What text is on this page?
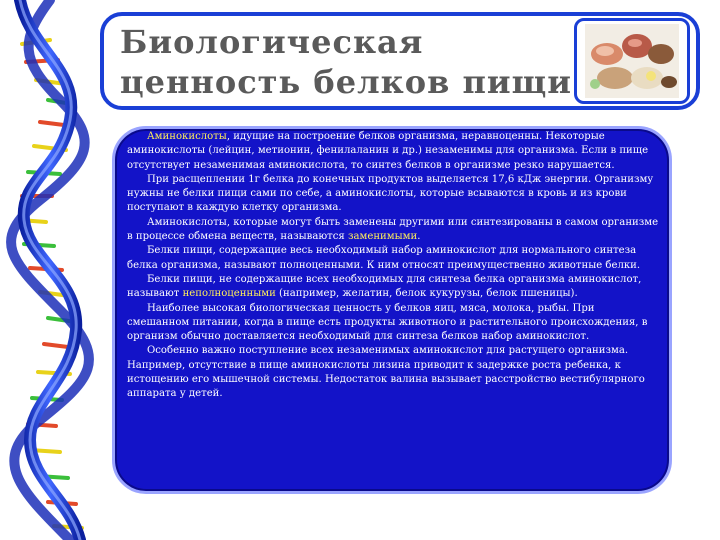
Биологическая
ценность белков пищи

Аминокислоты, идущие на построение белков организма, неравноценны. Некоторые аминокислоты (лейцин, метионин, фенилаланин и др.) незаменимы для организма. Если в пище отсутствует незаменимая аминокислота, то синтез белков в организме резко нарушается.

При расщеплении 1г белка до конечных продуктов выделяется 17,6 кДж энергии. Организму нужны не белки пищи сами по себе, а аминокислоты, которые всываются в кровь и из крови поступают в каждую клетку организма.

Аминокислоты, которые могут быть заменены другими или синтезированы в самом организме в процессе обмена веществ, называются заменимыми.

Белки пищи, содержащие весь необходимый набор аминокислот для нормального синтеза белка организма, называют полноценными. К ним относят преимущественно животные белки.

Белки пищи, не содержащие всех необходимых для синтеза белка организма аминокислот, называют неполноценными (например, желатин, белок кукурузы, белок пшеницы).

Наиболее высокая биологическая ценность у белков яиц, мяса, молока, рыбы. При смешанном питании, когда в пище есть продукты животного и растительного происхождения, в организм обычно доставляется необходимый для синтеза белков набор аминокислот.

Особенно важно поступление всех незаменимых аминокислот для растущего организма. Например, отсутствие в пище аминокислоты лизина приводит к задержке роста ребенка, к истощению его мышечной системы. Недостаток валина вызывает расстройство вестибулярного аппарата у детей.
